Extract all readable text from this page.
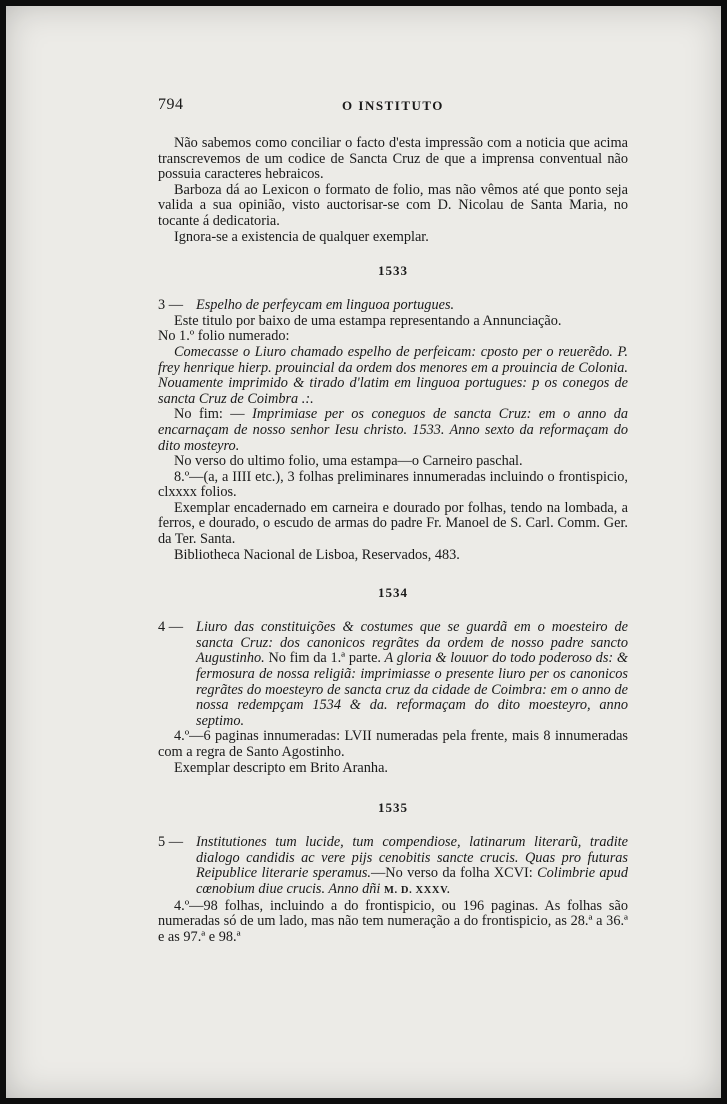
794	O INSTITUTO

Não sabemos como conciliar o facto d'esta impressão com a noticia que acima transcrevemos de um codice de Sancta Cruz de que a imprensa conventual não possuia caracteres hebraicos.

Barboza dá ao Lexicon o formato de folio, mas não vêmos até que ponto seja valida a sua opinião, visto auctorisar-se com D. Nicolau de Santa Maria, no tocante á dedicatoria.

Ignora-se a existencia de qualquer exemplar.

1533
3 — Espelho de perfeycam em linguoa portugues.

Este titulo por baixo de uma estampa representando a Annunciação.

No 1.º folio numerado:

Comecasse o Liuro chamado espelho de perfeicam: cposto per o reuerẽdo. P. frey henrique hierp. prouincial da ordem dos menores em a prouincia de Colonia. Nouamente imprimido & tirado d'latim em linguoa portugues: p os conegos de sancta Cruz de Coimbra .:.

No fim: — Imprimiase per os coneguos de sancta Cruz: em o anno da encarnaçam de nosso senhor Iesu christo. 1533. Anno sexto da reformaçam do dito mosteyro.

No verso do ultimo folio, uma estampa—o Carneiro paschal.

8.º—(a, a IIII etc.), 3 folhas preliminares innumeradas incluindo o frontispicio, clxxxx folios.

Exemplar encadernado em carneira e dourado por folhas, tendo na lombada, a ferros, e dourado, o escudo de armas do padre Fr. Manoel de S. Carl. Comm. Ger. da Ter. Santa.

Bibliotheca Nacional de Lisboa, Reservados, 483.

1534
4 — Liuro das constituições & costumes que se guardã em o moesteiro de sancta Cruz: dos canonicos regrãtes da ordem de nosso padre sancto Augustinho. No fim da 1.ª parte. A gloria & louuor do todo poderoso ds: & fermosura de nossa religiã: imprimiasse o presente liuro per os canonicos regrãtes do moesteyro de sancta cruz da cidade de Coimbra: em o anno de nossa redempçam 1534 & da. reformaçam do dito moesteyro, anno septimo.

4.º—6 paginas innumeradas: LVII numeradas pela frente, mais 8 innumeradas com a regra de Santo Agostinho.

Exemplar descripto em Brito Aranha.

1535
5 — Institutiones tum lucide, tum compendiose, latinarum literarũ, tradite dialogo candidis ac vere pijs cenobitis sancte crucis. Quas pro futuras Reipublice literarie speramus.—No verso da folha XCVI: Colimbrie apud cœnobium diue crucis. Anno dñi M. D. XXXV.

4.º—98 folhas, incluindo a do frontispicio, ou 196 paginas. As folhas são numeradas só de um lado, mas não tem numeração a do frontispicio, as 28.ª a 36.ª e as 97.ª e 98.ª
